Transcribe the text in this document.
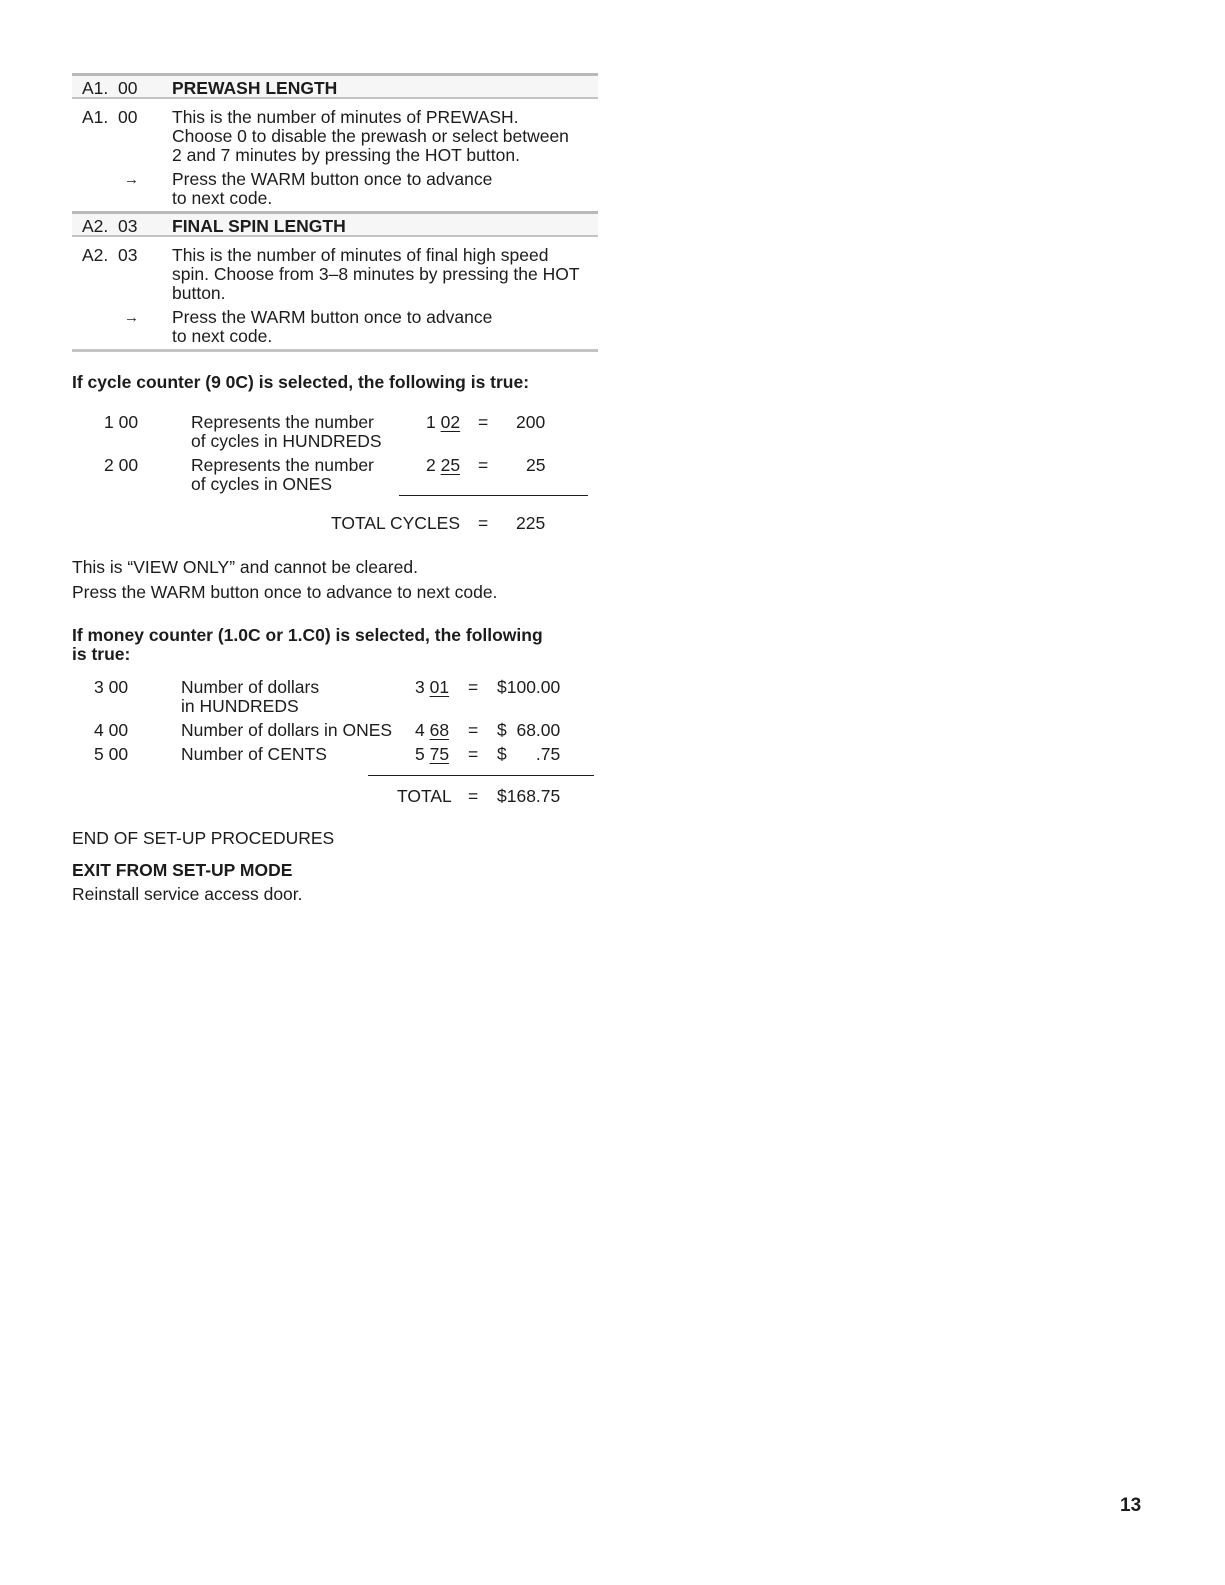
A1. 00 PREWASH LENGTH
A1. 00 This is the number of minutes of PREWASH.
Choose 0 to disable the prewash or select between
2 and 7 minutes by pressing the HOT button.
→ Press the WARM button once to advance
to next code.
A2. 03 FINAL SPIN LENGTH
A2. 03 This is the number of minutes of final high speed
spin. Choose from 3–8 minutes by pressing the HOT
button.
→ Press the WARM button once to advance
to next code.
If cycle counter (9 0C) is selected, the following is true:
1 00	Represents the number
of cycles in HUNDREDS
1 02 = 200
2 00	Represents the number
of cycles in ONES
2 25 = 25
TOTAL CYCLES = 225
This is “VIEW ONLY” and cannot be cleared.
Press the WARM button once to advance to next code.
If money counter (1.0C or 1.C0) is selected, the following
is true:
3 00	Number of dollars
in HUNDREDS
3 01 = $100.00
4 00	Number of dollars in ONES 4 68 = $  68.00
5 00	Number of CENTS	5 75 = $      .75
TOTAL = $168.75
END OF SET-UP PROCEDURES
EXIT FROM SET-UP MODE
Reinstall service access door.
13
